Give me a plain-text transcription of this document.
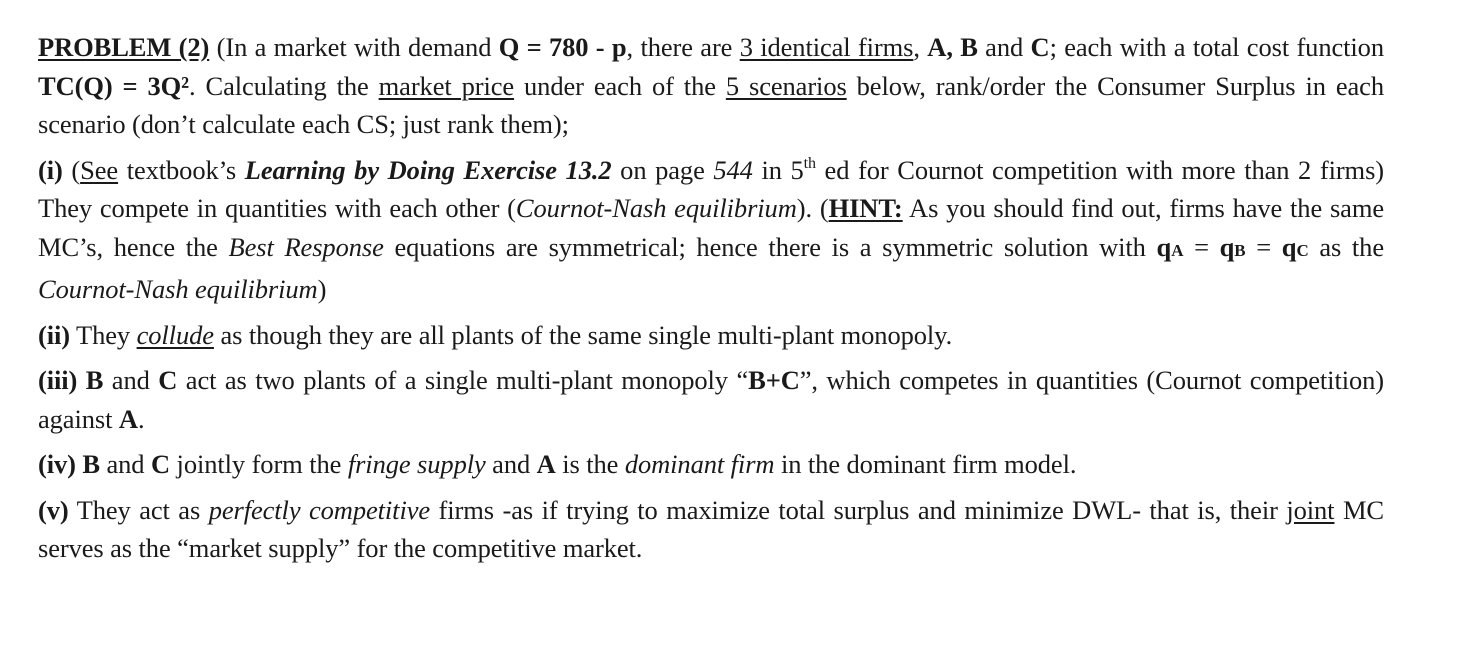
PROBLEM (2) (In a market with demand Q = 780 - p, there are 3 identical firms, A, B and C; each with a total cost function TC(Q) = 3Q². Calculating the market price under each of the 5 scenarios below, rank/order the Consumer Surplus in each scenario (don’t calculate each CS; just rank them);

(i) (See textbook’s Learning by Doing Exercise 13.2 on page 544 in 5th ed for Cournot competition with more than 2 firms) They compete in quantities with each other (Cournot-Nash equilibrium). (HINT: As you should find out, firms have the same MC’s, hence the Best Response equations are symmetrical; hence there is a symmetric solution with qA = qB = qC as the Cournot-Nash equilibrium)

(ii) They collude as though they are all plants of the same single multi-plant monopoly.

(iii) B and C act as two plants of a single multi-plant monopoly “B+C”, which competes in quantities (Cournot competition) against A.

(iv) B and C jointly form the fringe supply and A is the dominant firm in the dominant firm model.

(v) They act as perfectly competitive firms -as if trying to maximize total surplus and minimize DWL- that is, their joint MC serves as the “market supply” for the competitive market.
